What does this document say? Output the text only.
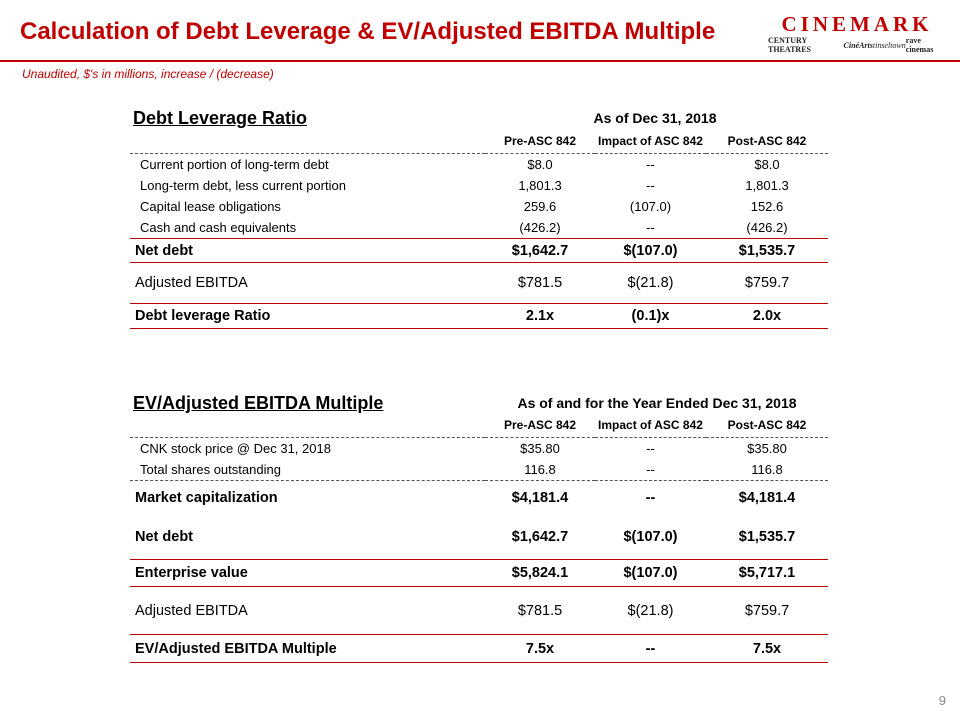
Calculation of Debt Leverage & EV/Adjusted EBITDA Multiple
Unaudited, $'s in millions, increase / (decrease)
CINEMARK
CENTURY THEATRES	CinéArts tinseltown rave cinemas
Debt Leverage Ratio	As of Dec 31, 2018
	Pre-ASC 842	Impact of ASC 842	Post-ASC 842
Current portion of long-term debt	$8.0	--	$8.0
Long-term debt, less current portion	1,801.3	--	1,801.3
Capital lease obligations	259.6	(107.0)	152.6
Cash and cash equivalents	(426.2)	--	(426.2)
Net debt	$1,642.7	$(107.0)	$1,535.7
Adjusted EBITDA	$781.5	$(21.8)	$759.7
Debt leverage Ratio	2.1x	(0.1)x	2.0x
EV/Adjusted EBITDA Multiple	As of and for the Year Ended Dec 31, 2018
	Pre-ASC 842	Impact of ASC 842	Post-ASC 842
CNK stock price @ Dec 31, 2018	$35.80	--	$35.80
Total shares outstanding	116.8	--	116.8
Market capitalization	$4,181.4	--	$4,181.4
Net debt	$1,642.7	$(107.0)	$1,535.7
Enterprise value	$5,824.1	$(107.0)	$5,717.1
Adjusted EBITDA	$781.5	$(21.8)	$759.7
EV/Adjusted EBITDA Multiple	7.5x	--	7.5x
9
